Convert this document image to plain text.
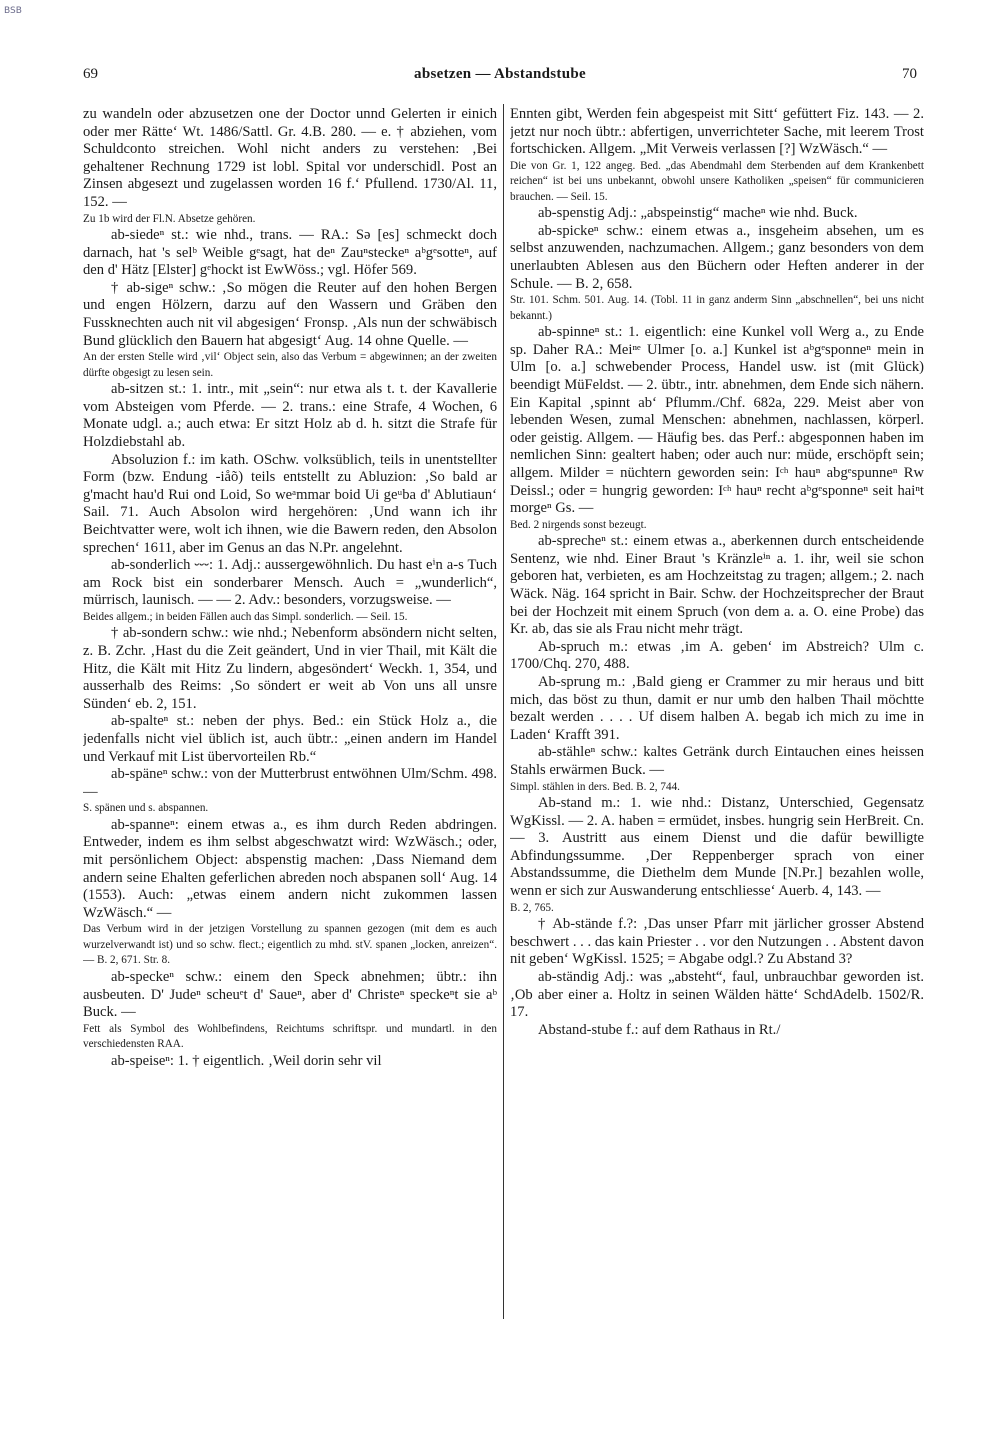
BSB
69	absetzen — Abstandstube	70

zu wandeln oder abzusetzen one der Doctor unnd Gelerten ir einich oder mer Rätte‘ Wt. 1486/Sattl. Gr. 4.B. 280. — e. † abziehen, vom Schuldconto streichen. Wohl nicht anders zu verstehen: ‚Bei gehaltener Rechnung 1729 ist lobl. Spital vor underschidl. Post an Zinsen abgesezt und zugelassen worden 16 f.‘ Pfullend. 1730/Al. 11, 152. —

Zu 1b wird der Fl.N. Absetze gehören.

ab-siedeⁿ st.: wie nhd., trans. — RA.: Sə [es] schmeckt doch darnach, hat 's selᵇ Weible gᵉsagt, hat deⁿ Zauⁿsteckeⁿ aᵇgᵉsotteⁿ, auf den d' Hätz [Elster] gᵉhockt ist EwWöss.; vgl. Höfer 569.

† ab-sigeⁿ schw.: ‚So mögen die Reuter auf den hohen Bergen und engen Hölzern, darzu auf den Wassern und Gräben den Fussknechten auch nit vil abgesigen‘ Fronsp. ‚Als nun der schwäbisch Bund glücklich den Bauern hat abgesigt‘ Aug. 14 ohne Quelle. —

An der ersten Stelle wird ‚vil‘ Object sein, also das Verbum = abgewinnen; an der zweiten dürfte obgesigt zu lesen sein.

ab-sitzen st.: 1. intr., mit „sein“: nur etwa als t. t. der Kavallerie vom Absteigen vom Pferde. — 2. trans.: eine Strafe, 4 Wochen, 6 Monate udgl. a.; auch etwa: Er sitzt Holz ab d. h. sitzt die Strafe für Holzdiebstahl ab.

Absoluzion f.: im kath. OSchw. volksüblich, teils in unentstellter Form (bzw. Endung -iåõ) teils entstellt zu Abluzion: ‚So bald ar g'macht hau'd Rui ond Loid, So weᵃmmar boid Ui geᵘba d' Ablutiaun‘ Sail. 71. Auch Absolon wird hergehören: ‚Und wann ich ihr Beichtvatter were, wolt ich ihnen, wie die Bawern reden, den Absolon sprechen‘ 1611, aber im Genus an das N.Pr. angelehnt.

ab-sonderlich ⏑⏑⏑: 1. Adj.: aussergewöhnlich. Du hast eⁱn a-s Tuch am Rock bist ein sonderbarer Mensch. Auch = „wunderlich“, mürrisch, launisch. — — 2. Adv.: besonders, vorzugsweise. —

Beides allgem.; in beiden Fällen auch das Simpl. sonderlich. — Seil. 15.

† ab-sondern schw.: wie nhd.; Nebenform absöndern nicht selten, z. B. Zchr. ‚Hast du die Zeit geändert, Und in vier Thail, mit Kält die Hitz, die Kält mit Hitz Zu lindern, abgesöndert‘ Weckh. 1, 354, und ausserhalb des Reims: ‚So söndert er weit ab Von uns all unsre Sünden‘ eb. 2, 151.

ab-spalteⁿ st.: neben der phys. Bed.: ein Stück Holz a., die jedenfalls nicht viel üblich ist, auch übtr.: „einen andern im Handel und Verkauf mit List übervorteilen Rb.“

ab-späneⁿ schw.: von der Mutterbrust entwöhnen Ulm/Schm. 498. —

S. spänen und s. abspannen.

ab-spanneⁿ: einem etwas a., es ihm durch Reden abdringen. Entweder, indem es ihm selbst abgeschwatzt wird: WzWäsch.; oder, mit persönlichem Object: abspenstig machen: ‚Dass Niemand dem andern seine Ehalten geferlichen abreden noch abspanen soll‘ Aug. 14 (1553). Auch: „etwas einem andern nicht zukommen lassen WzWäsch.“ —

Das Verbum wird in der jetzigen Vorstellung zu spannen gezogen (mit dem es auch wurzelverwandt ist) und so schw. flect.; eigentlich zu mhd. stV. spanen „locken, anreizen“. — B. 2, 671. Str. 8.

ab-speckeⁿ schw.: einem den Speck abnehmen; übtr.: ihn ausbeuten. D' Judeⁿ scheuᵉt d' Saueⁿ, aber d' Christeⁿ speckeⁿt sie aᵇ Buck. —

Fett als Symbol des Wohlbefindens, Reichtums schriftspr. und mundartl. in den verschiedensten RAA.

ab-speiseⁿ: 1. † eigentlich. ‚Weil dorin sehr vil

Ennten gibt, Werden fein abgespeist mit Sitt‘ gefüttert Fiz. 143. — 2. jetzt nur noch übtr.: abfertigen, unverrichteter Sache, mit leerem Trost fortschicken. Allgem. „Mit Verweis verlassen [?] WzWäsch.“ —

Die von Gr. 1, 122 angeg. Bed. „das Abendmahl dem Sterbenden auf dem Krankenbett reichen“ ist bei uns unbekannt, obwohl unsere Katholiken „speisen“ für communicieren brauchen. — Seil. 15.

ab-spenstig Adj.: „abspeinstig“ macheⁿ wie nhd. Buck.

ab-spickeⁿ schw.: einem etwas a., insgeheim absehen, um es selbst anzuwenden, nachzumachen. Allgem.; ganz besonders von dem unerlaubten Ablesen aus den Büchern oder Heften anderer in der Schule. — B. 2, 658.

Str. 101. Schm. 501. Aug. 14. (Tobl. 11 in ganz anderm Sinn „abschnellen“, bei uns nicht bekannt.)

ab-spinneⁿ st.: 1. eigentlich: eine Kunkel voll Werg a., zu Ende sp. Daher RA.: Meiⁿᵉ Ulmer [o. a.] Kunkel ist aᵇgᵉsponneⁿ mein in Ulm [o. a.] schwebender Process, Handel usw. ist (mit Glück) beendigt MüFeldst. — 2. übtr., intr. abnehmen, dem Ende sich nähern. Ein Kapital ‚spinnt ab‘ Pflumm./Chf. 682a, 229. Meist aber von lebenden Wesen, zumal Menschen: abnehmen, nachlassen, körperl. oder geistig. Allgem. — Häufig bes. das Perf.: abgesponnen haben im nemlichen Sinn: gealtert haben; oder auch nur: müde, erschöpft sein; allgem. Milder = nüchtern geworden sein: Iᶜʰ hauⁿ abgᵉspunneⁿ Rw Deissl.; oder = hungrig geworden: Iᶜʰ hauⁿ recht aᵇgᵉsponneⁿ seit haiⁿt morgeⁿ Gs. —

Bed. 2 nirgends sonst bezeugt.

ab-sprecheⁿ st.: einem etwas a., aberkennen durch entscheidende Sentenz, wie nhd. Einer Braut 's Kränzleⁱⁿ a. 1. ihr, weil sie schon geboren hat, verbieten, es am Hochzeitstag zu tragen; allgem.; 2. nach Wäck. Näg. 164 spricht in Bair. Schw. der Hochzeitsprecher der Braut bei der Hochzeit mit einem Spruch (von dem a. a. O. eine Probe) das Kr. ab, das sie als Frau nicht mehr trägt.

Ab-spruch m.: etwas ‚im A. geben‘ im Abstreich? Ulm c. 1700/Chq. 270, 488.

Ab-sprung m.: ‚Bald gieng er Crammer zu mir heraus und bitt mich, das böst zu thun, damit er nur umb den halben Thail möchtte bezalt werden . . . . Uf disem halben A. begab ich mich zu ime in Laden‘ Krafft 391.

ab-stähleⁿ schw.: kaltes Getränk durch Eintauchen eines heissen Stahls erwärmen Buck. —

Simpl. stählen in ders. Bed. B. 2, 744.

Ab-stand m.: 1. wie nhd.: Distanz, Unterschied, Gegensatz WgKissl. — 2. A. haben = ermüdet, insbes. hungrig sein HerBreit. Cn. — 3. Austritt aus einem Dienst und die dafür bewilligte Abfindungssumme. ‚Der Reppenberger sprach von einer Abstandssumme, die Diethelm dem Munde [N.Pr.] bezahlen wolle, wenn er sich zur Auswanderung entschliesse‘ Auerb. 4, 143. —

B. 2, 765.

† Ab-stände f.?: ‚Das unser Pfarr mit järlicher grosser Abstend beschwert . . . das kain Priester . . vor den Nutzungen . . Abstent davon nit geben‘ WgKissl. 1525; = Abgabe odgl.? Zu Abstand 3?

ab-ständig Adj.: was „absteht“, faul, unbrauchbar geworden ist. ‚Ob aber einer a. Holtz in seinen Wälden hätte‘ SchdAdelb. 1502/R. 17.

Abstand-stube f.: auf dem Rathaus in Rt./
